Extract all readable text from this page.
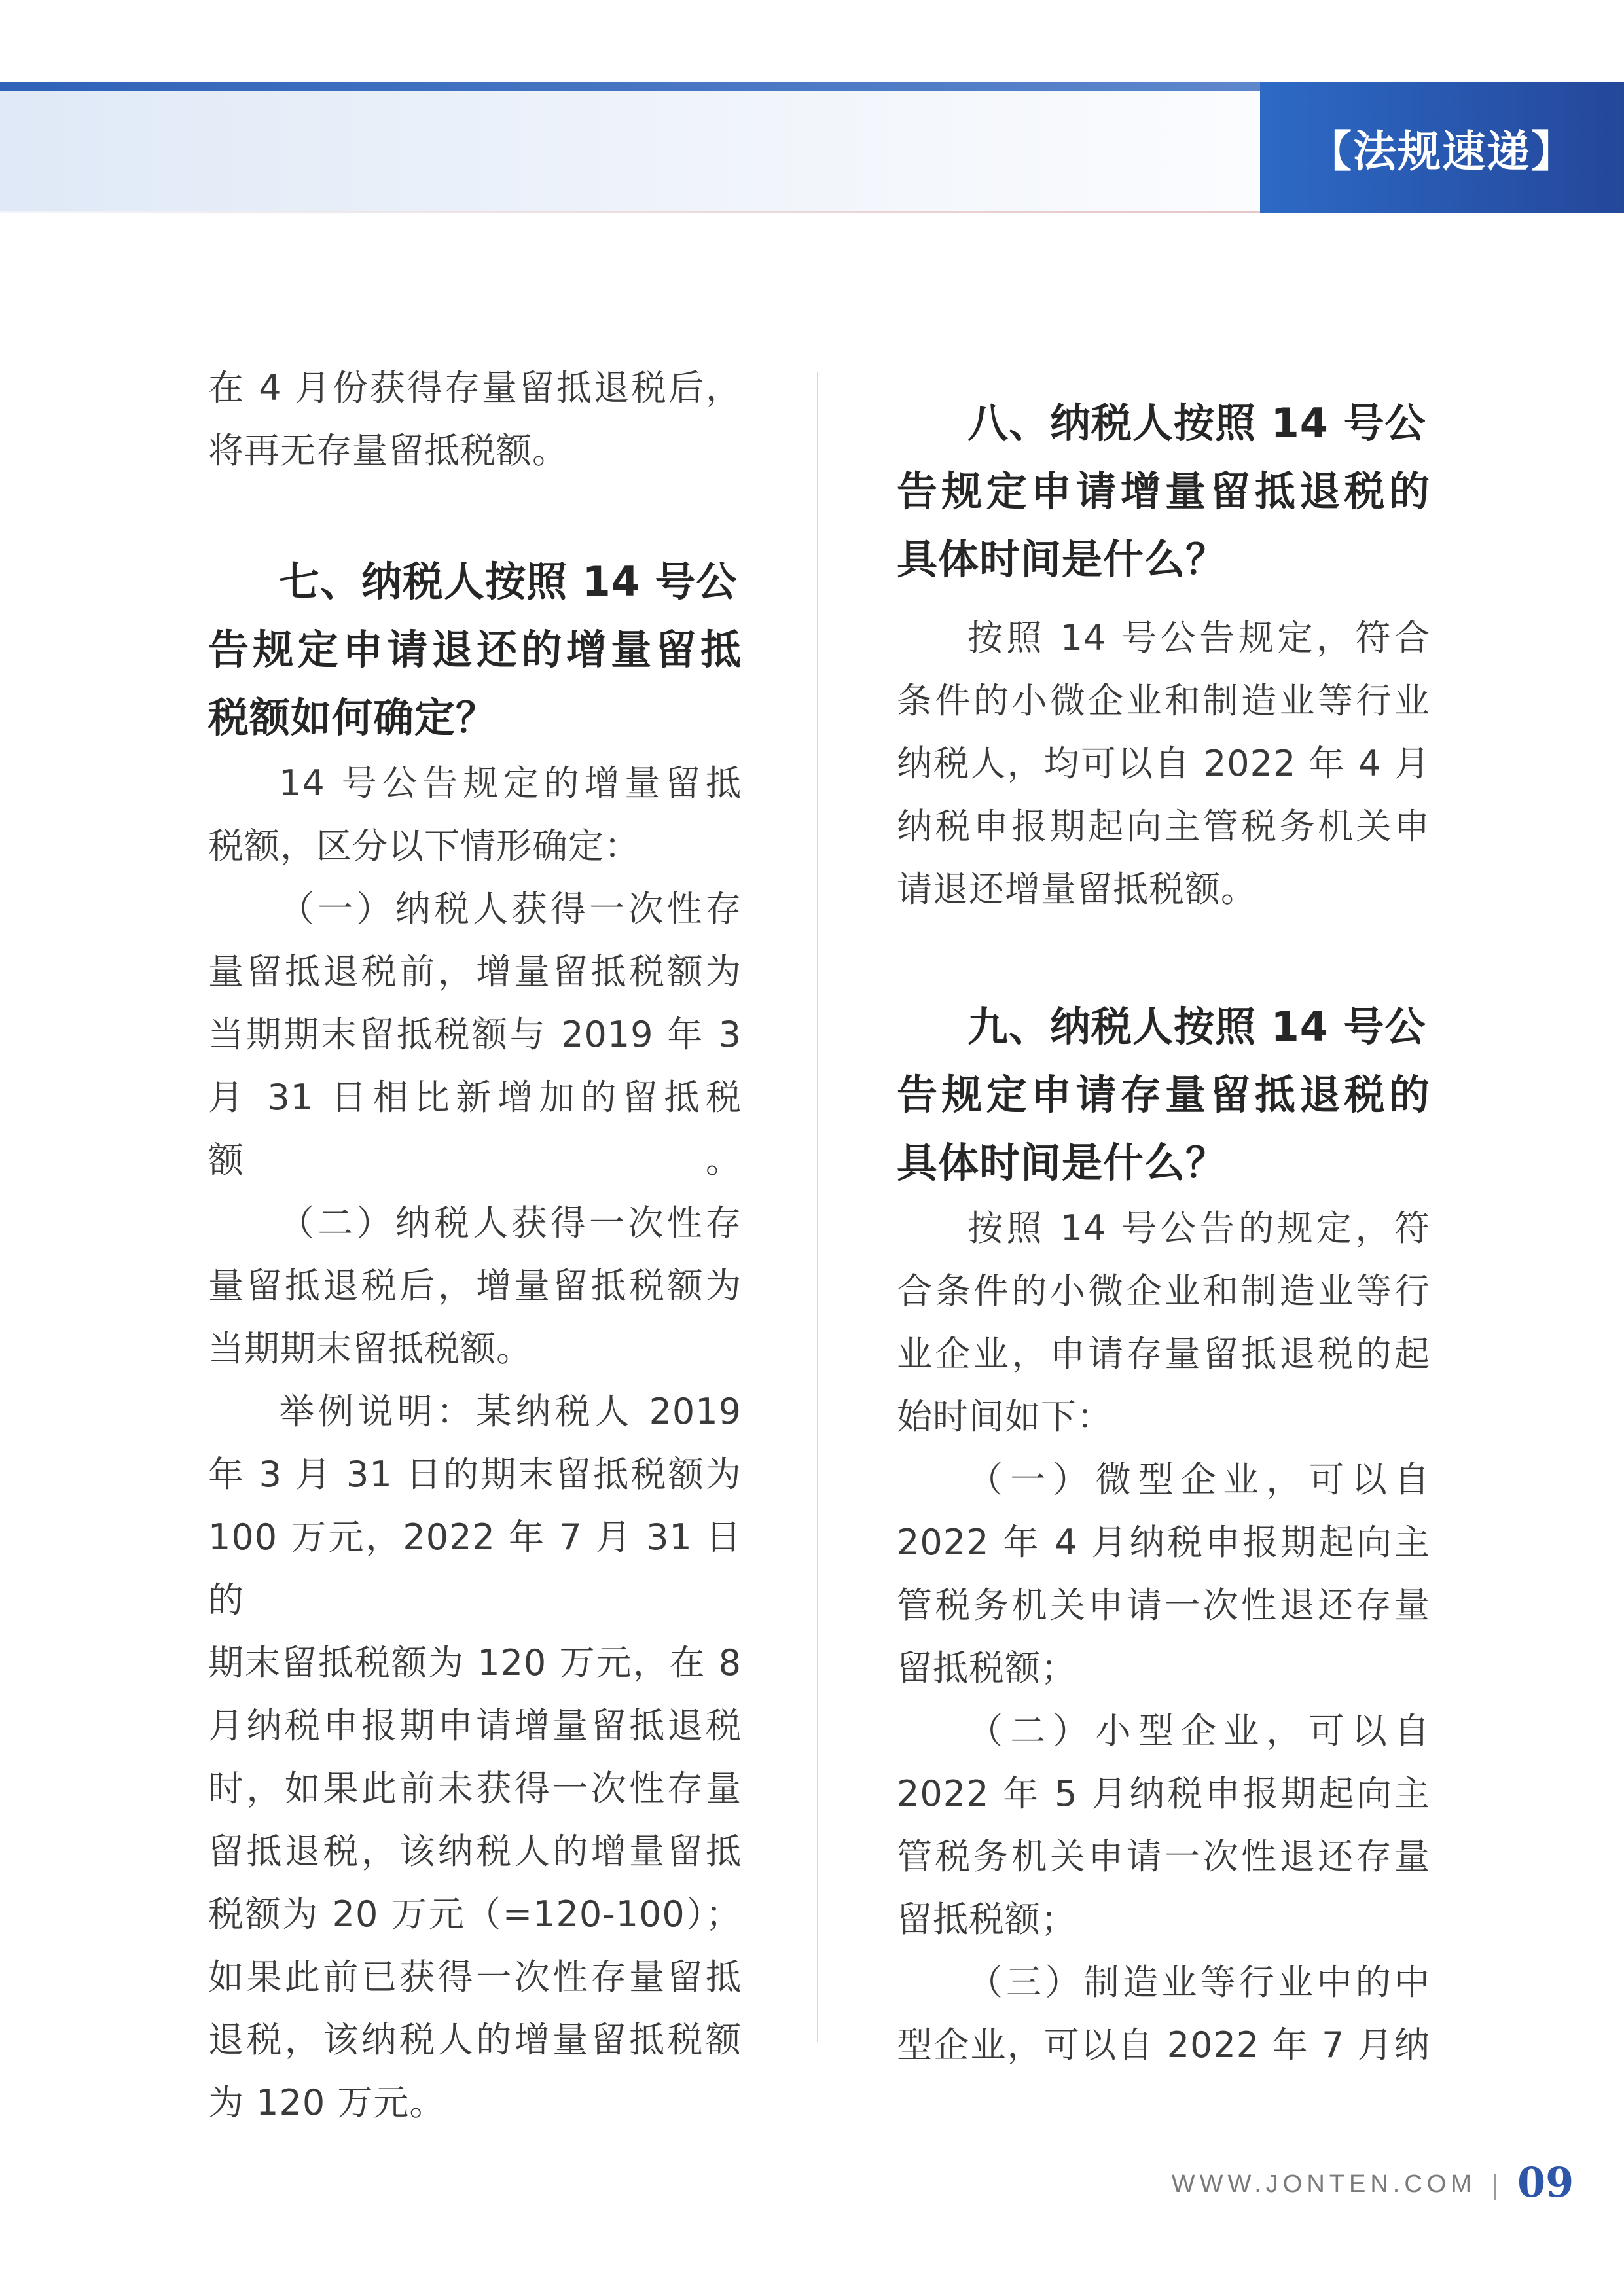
【法规速递】

在 4 月份获得存量留抵退税后，

将再无存量留抵税额。

七、纳税人按照 14 号公
告规定申请退还的增量留抵
税额如何确定？

14 号公告规定的增量留抵

税额，区分以下情形确定：

（一）纳税人获得一次性存

量留抵退税前，增量留抵税额为

当期期末留抵税额与 2019 年 3

月 31 日相比新增加的留抵税额。

（二）纳税人获得一次性存

量留抵退税后，增量留抵税额为

当期期末留抵税额。

举例说明：某纳税人 2019

年 3 月 31 日的期末留抵税额为

100 万元，2022 年 7 月 31 日的

期末留抵税额为 120 万元，在 8

月纳税申报期申请增量留抵退税

时，如果此前未获得一次性存量

留抵退税，该纳税人的增量留抵

税额为 20 万元（=120-100）；

如果此前已获得一次性存量留抵

退税，该纳税人的增量留抵税额

为 120 万元。

八、纳税人按照 14 号公
告规定申请增量留抵退税的
具体时间是什么？

按照 14 号公告规定，符合

条件的小微企业和制造业等行业

纳税人，均可以自 2022 年 4 月

纳税申报期起向主管税务机关申

请退还增量留抵税额。

九、纳税人按照 14 号公
告规定申请存量留抵退税的
具体时间是什么？

按照 14 号公告的规定，符

合条件的小微企业和制造业等行

业企业，申请存量留抵退税的起

始时间如下：

（一）微型企业，可以自

2022 年 4 月纳税申报期起向主

管税务机关申请一次性退还存量

留抵税额；

（二）小型企业，可以自

2022 年 5 月纳税申报期起向主

管税务机关申请一次性退还存量

留抵税额；

（三）制造业等行业中的中

型企业，可以自 2022 年 7 月纳

WWW.JONTEN.COM 09
